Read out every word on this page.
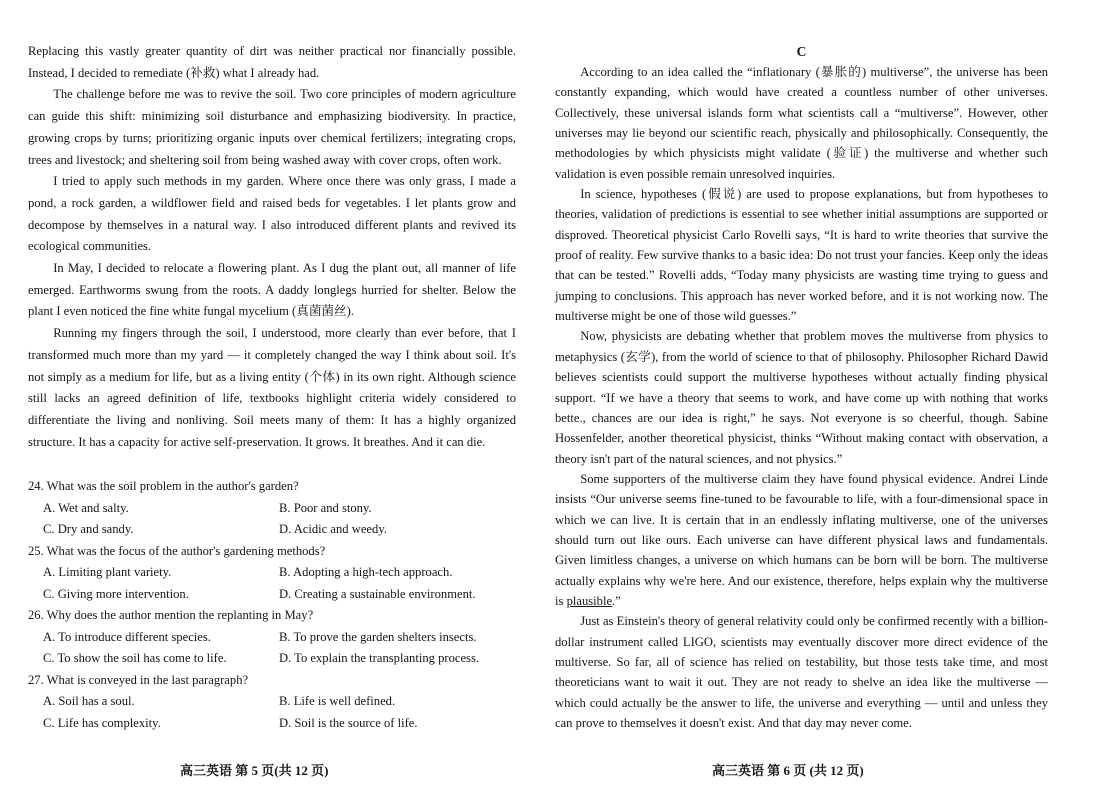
Replacing this vastly greater quantity of dirt was neither practical nor financially possible. Instead, I decided to remediate (补救) what I already had.

The challenge before me was to revive the soil. Two core principles of modern agriculture can guide this shift: minimizing soil disturbance and emphasizing biodiversity. In practice, growing crops by turns; prioritizing organic inputs over chemical fertilizers; integrating crops, trees and livestock; and sheltering soil from being washed away with cover crops, often work.

I tried to apply such methods in my garden. Where once there was only grass, I made a pond, a rock garden, a wildflower field and raised beds for vegetables. I let plants grow and decompose by themselves in a natural way. I also introduced different plants and revived its ecological communities.

In May, I decided to relocate a flowering plant. As I dug the plant out, all manner of life emerged. Earthworms swung from the roots. A daddy longlegs hurried for shelter. Below the plant I even noticed the fine white fungal mycelium (真菌菌丝).

Running my fingers through the soil, I understood, more clearly than ever before, that I transformed much more than my yard — it completely changed the way I think about soil. It's not simply as a medium for life, but as a living entity (个体) in its own right. Although science still lacks an agreed definition of life, textbooks highlight criteria widely considered to differentiate the living and nonliving. Soil meets many of them: It has a highly organized structure. It has a capacity for active self-preservation. It grows. It breathes. And it can die.

24. What was the soil problem in the author's garden?
A. Wet and salty.	B. Poor and stony.
C. Dry and sandy.	D. Acidic and weedy.
25. What was the focus of the author's gardening methods?
A. Limiting plant variety.	B. Adopting a high-tech approach.
C. Giving more intervention.	D. Creating a sustainable environment.
26. Why does the author mention the replanting in May?
A. To introduce different species.	B. To prove the garden shelters insects.
C. To show the soil has come to life.	D. To explain the transplanting process.
27. What is conveyed in the last paragraph?
A. Soil has a soul.	B. Life is well defined.
C. Life has complexity.	D. Soil is the source of life.
C

According to an idea called the “inflationary (暴胀的) multiverse”, the universe has been constantly expanding, which would have created a countless number of other universes. Collectively, these universal islands form what scientists call a “multiverse”. However, other universes may lie beyond our scientific reach, physically and philosophically. Consequently, the methodologies by which physicists might validate (验证) the multiverse and whether such validation is even possible remain unresolved inquiries.

In science, hypotheses (假说) are used to propose explanations, but from hypotheses to theories, validation of predictions is essential to see whether initial assumptions are supported or disproved. Theoretical physicist Carlo Rovelli says, “It is hard to write theories that survive the proof of reality. Few survive thanks to a basic idea: Do not trust your fancies. Keep only the ideas that can be tested.” Rovelli adds, “Today many physicists are wasting time trying to guess and jumping to conclusions. This approach has never worked before, and it is not working now. The multiverse might be one of those wild guesses.”

Now, physicists are debating whether that problem moves the multiverse from physics to metaphysics (玄学), from the world of science to that of philosophy. Philosopher Richard Dawid believes scientists could support the multiverse hypotheses without actually finding physical support. “If we have a theory that seems to work, and have come up with nothing that works bette., chances are our idea is right,” he says. Not everyone is so cheerful, though. Sabine Hossenfelder, another theoretical physicist, thinks “Without making contact with observation, a theory isn't part of the natural sciences, and not physics.”

Some supporters of the multiverse claim they have found physical evidence. Andrei Linde insists “Our universe seems fine-tuned to be favourable to life, with a four-dimensional space in which we can live. It is certain that in an endlessly inflating multiverse, one of the universes should turn out like ours. Each universe can have different physical laws and fundamentals. Given limitless changes, a universe on which humans can be born will be born. The multiverse actually explains why we're here. And our existence, therefore, helps explain why the multiverse is plausible.”

Just as Einstein's theory of general relativity could only be confirmed recently with a billion-dollar instrument called LIGO, scientists may eventually discover more direct evidence of the multiverse. So far, all of science has relied on testability, but those tests take time, and most theoreticians want to wait it out. They are not ready to shelve an idea like the multiverse — which could actually be the answer to life, the universe and everything — until and unless they can prove to themselves it doesn't exist. And that day may never come.

高三英语 第 5 页(共 12 页)	高三英语 第 6 页 (共 12 页)
